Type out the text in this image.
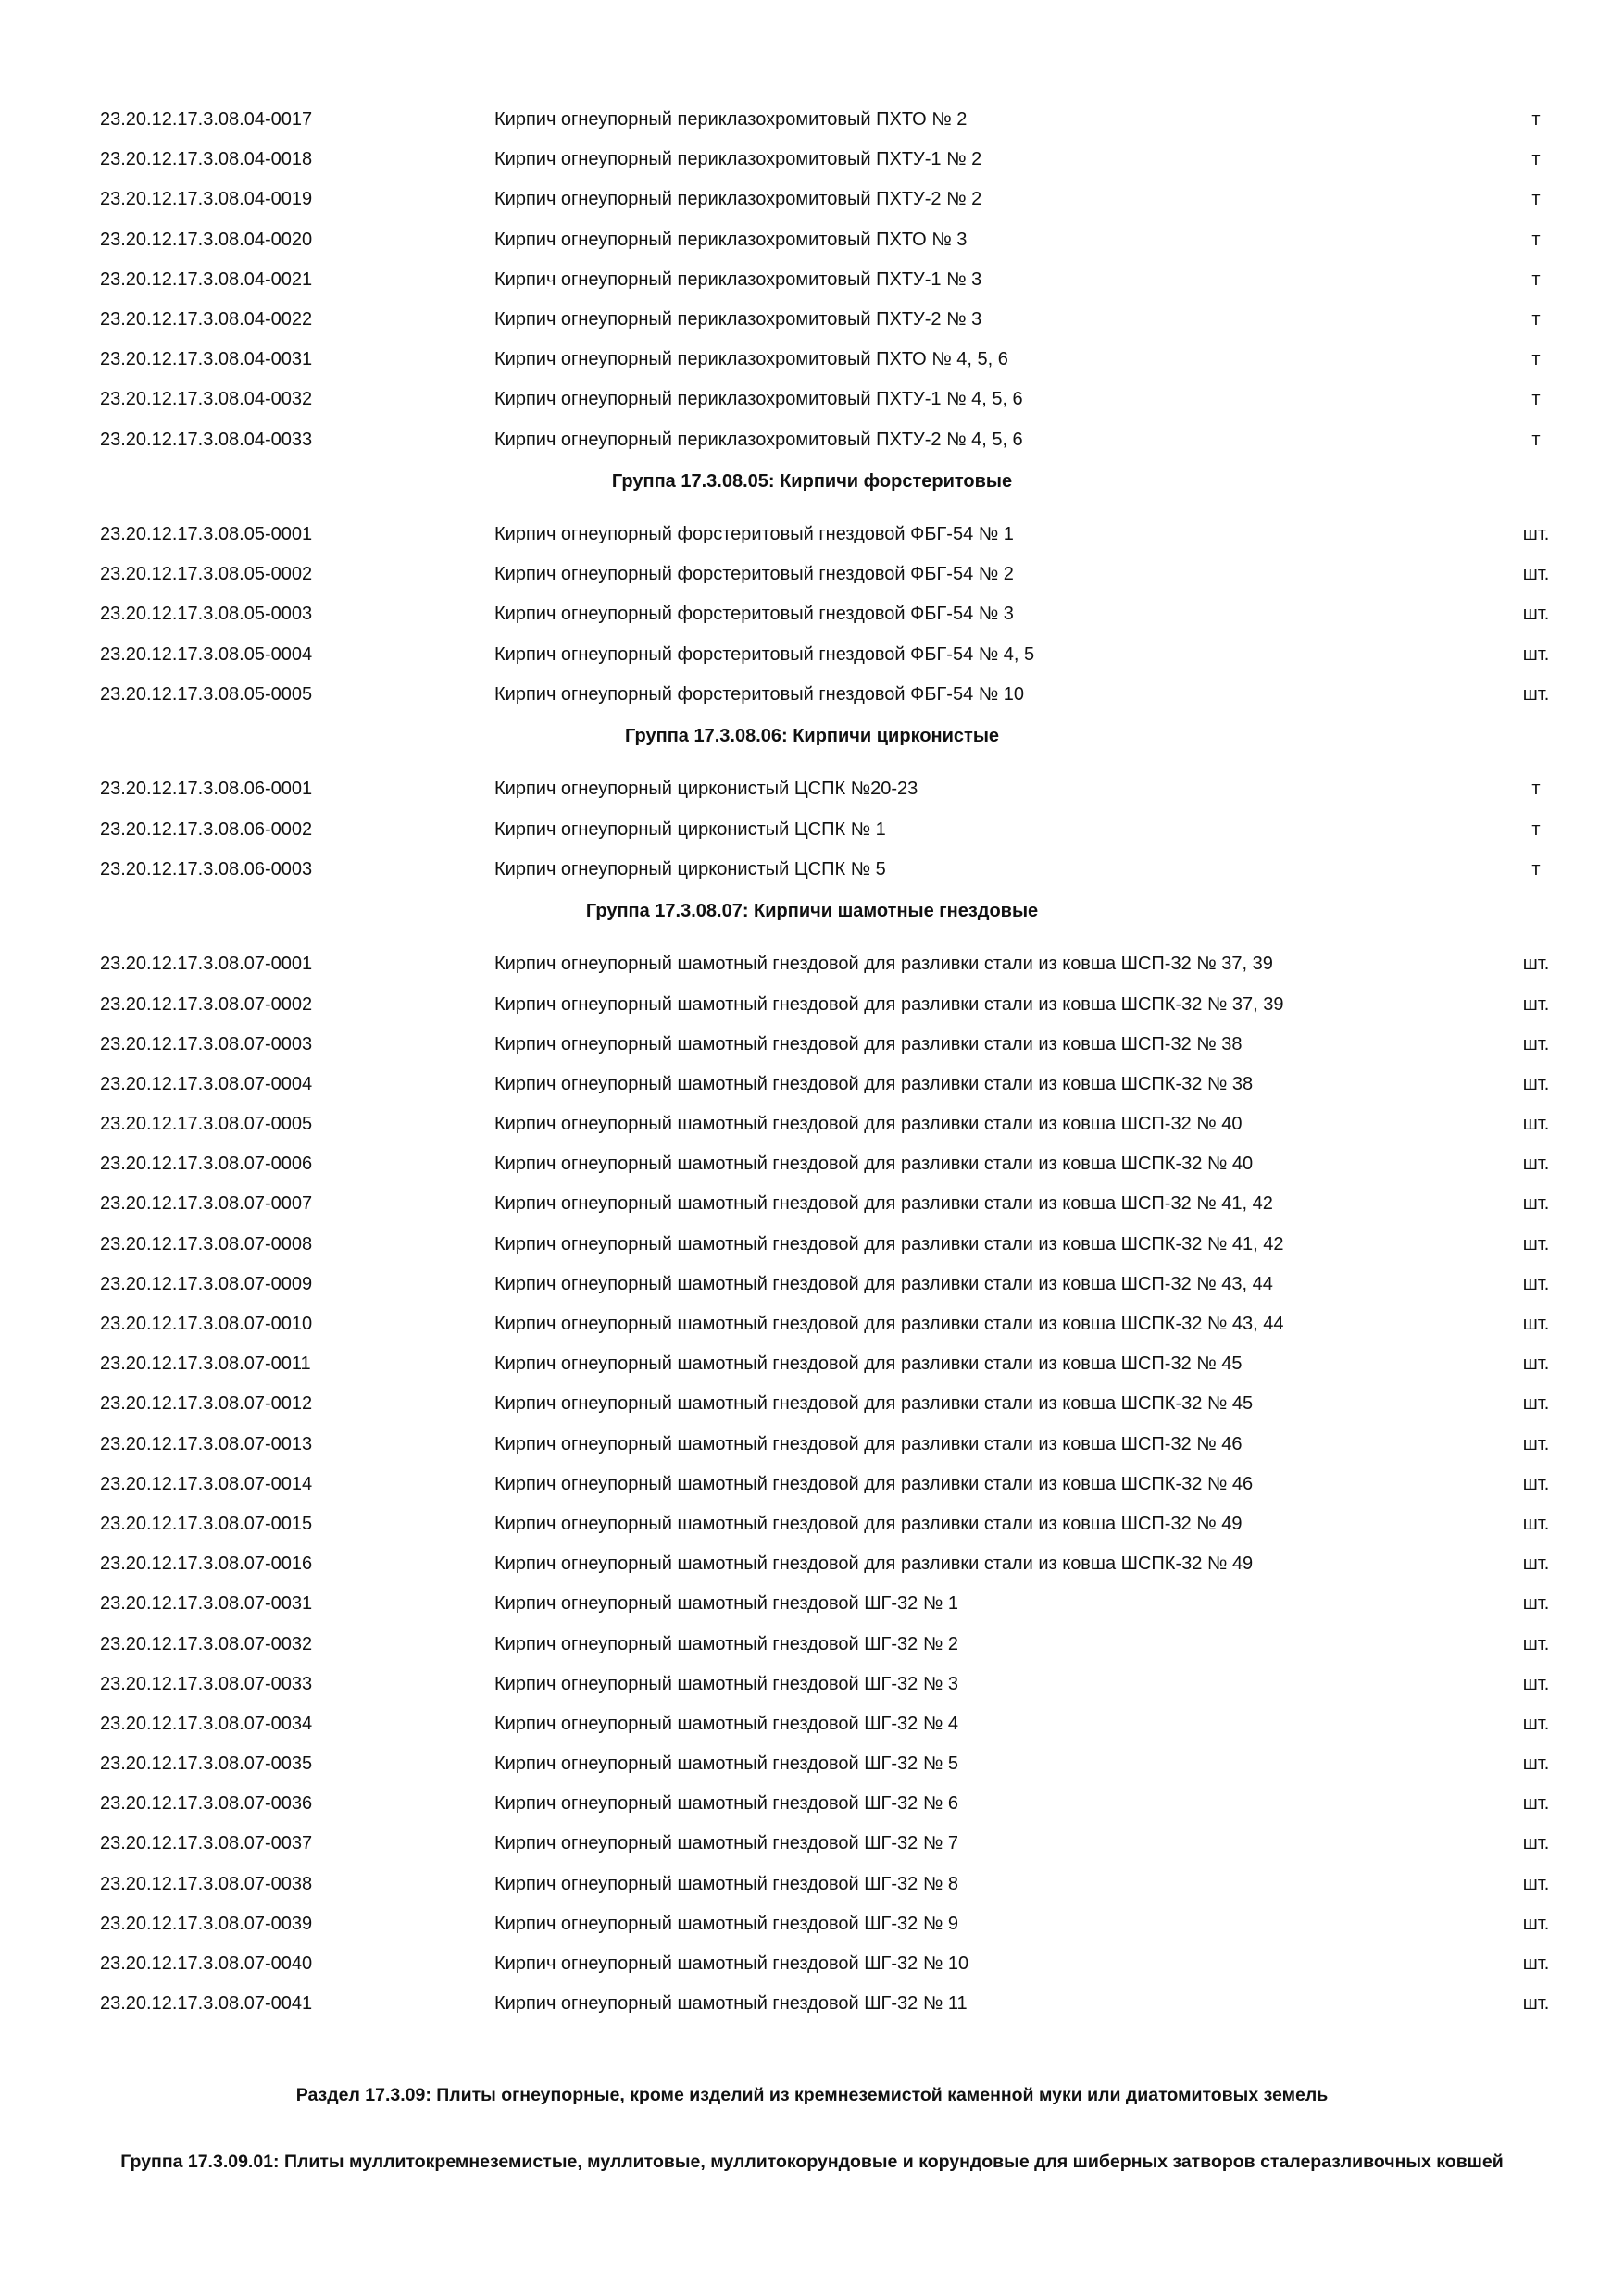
23.20.12.17.3.08.04-0017	Кирпич огнеупорный периклазохромитовый ПХТО № 2	т
23.20.12.17.3.08.04-0018	Кирпич огнеупорный периклазохромитовый ПХТУ-1 № 2	т
23.20.12.17.3.08.04-0019	Кирпич огнеупорный периклазохромитовый ПХТУ-2 № 2	т
23.20.12.17.3.08.04-0020	Кирпич огнеупорный периклазохромитовый ПХТО № 3	т
23.20.12.17.3.08.04-0021	Кирпич огнеупорный периклазохромитовый ПХТУ-1 № 3	т
23.20.12.17.3.08.04-0022	Кирпич огнеупорный периклазохромитовый ПХТУ-2 № 3	т
23.20.12.17.3.08.04-0031	Кирпич огнеупорный периклазохромитовый ПХТО № 4, 5, 6	т
23.20.12.17.3.08.04-0032	Кирпич огнеупорный периклазохромитовый ПХТУ-1 № 4, 5, 6	т
23.20.12.17.3.08.04-0033	Кирпич огнеупорный периклазохромитовый ПХТУ-2 № 4, 5, 6	т
Группа 17.3.08.05: Кирпичи форстеритовые
23.20.12.17.3.08.05-0001	Кирпич огнеупорный форстеритовый гнездовой ФБГ-54 № 1	шт.
23.20.12.17.3.08.05-0002	Кирпич огнеупорный форстеритовый гнездовой ФБГ-54 № 2	шт.
23.20.12.17.3.08.05-0003	Кирпич огнеупорный форстеритовый гнездовой ФБГ-54 № 3	шт.
23.20.12.17.3.08.05-0004	Кирпич огнеупорный форстеритовый гнездовой ФБГ-54 № 4, 5	шт.
23.20.12.17.3.08.05-0005	Кирпич огнеупорный форстеритовый гнездовой ФБГ-54 № 10	шт.
Группа 17.3.08.06: Кирпичи цирконистые
23.20.12.17.3.08.06-0001	Кирпич огнеупорный цирконистый ЦСПК №20-23	т
23.20.12.17.3.08.06-0002	Кирпич огнеупорный цирконистый ЦСПК № 1	т
23.20.12.17.3.08.06-0003	Кирпич огнеупорный цирконистый ЦСПК № 5	т
Группа 17.3.08.07: Кирпичи шамотные гнездовые
23.20.12.17.3.08.07-0001	Кирпич огнеупорный шамотный гнездовой для разливки стали из ковша ШСП-32 № 37, 39	шт.
23.20.12.17.3.08.07-0002	Кирпич огнеупорный шамотный гнездовой для разливки стали из ковша ШСПК-32 № 37, 39	шт.
23.20.12.17.3.08.07-0003	Кирпич огнеупорный шамотный гнездовой для разливки стали из ковша ШСП-32 № 38	шт.
23.20.12.17.3.08.07-0004	Кирпич огнеупорный шамотный гнездовой для разливки стали из ковша ШСПК-32 № 38	шт.
23.20.12.17.3.08.07-0005	Кирпич огнеупорный шамотный гнездовой для разливки стали из ковша ШСП-32 № 40	шт.
23.20.12.17.3.08.07-0006	Кирпич огнеупорный шамотный гнездовой для разливки стали из ковша ШСПК-32 № 40	шт.
23.20.12.17.3.08.07-0007	Кирпич огнеупорный шамотный гнездовой для разливки стали из ковша ШСП-32 № 41, 42	шт.
23.20.12.17.3.08.07-0008	Кирпич огнеупорный шамотный гнездовой для разливки стали из ковша ШСПК-32 № 41, 42	шт.
23.20.12.17.3.08.07-0009	Кирпич огнеупорный шамотный гнездовой для разливки стали из ковша ШСП-32 № 43, 44	шт.
23.20.12.17.3.08.07-0010	Кирпич огнеупорный шамотный гнездовой для разливки стали из ковша ШСПК-32 № 43, 44	шт.
23.20.12.17.3.08.07-0011	Кирпич огнеупорный шамотный гнездовой для разливки стали из ковша ШСП-32 № 45	шт.
23.20.12.17.3.08.07-0012	Кирпич огнеупорный шамотный гнездовой для разливки стали из ковша ШСПК-32 № 45	шт.
23.20.12.17.3.08.07-0013	Кирпич огнеупорный шамотный гнездовой для разливки стали из ковша ШСП-32 № 46	шт.
23.20.12.17.3.08.07-0014	Кирпич огнеупорный шамотный гнездовой для разливки стали из ковша ШСПК-32 № 46	шт.
23.20.12.17.3.08.07-0015	Кирпич огнеупорный шамотный гнездовой для разливки стали из ковша ШСП-32 № 49	шт.
23.20.12.17.3.08.07-0016	Кирпич огнеупорный шамотный гнездовой для разливки стали из ковша ШСПК-32 № 49	шт.
23.20.12.17.3.08.07-0031	Кирпич огнеупорный шамотный гнездовой ШГ-32 № 1	шт.
23.20.12.17.3.08.07-0032	Кирпич огнеупорный шамотный гнездовой ШГ-32 № 2	шт.
23.20.12.17.3.08.07-0033	Кирпич огнеупорный шамотный гнездовой ШГ-32 № 3	шт.
23.20.12.17.3.08.07-0034	Кирпич огнеупорный шамотный гнездовой ШГ-32 № 4	шт.
23.20.12.17.3.08.07-0035	Кирпич огнеупорный шамотный гнездовой ШГ-32 № 5	шт.
23.20.12.17.3.08.07-0036	Кирпич огнеупорный шамотный гнездовой ШГ-32 № 6	шт.
23.20.12.17.3.08.07-0037	Кирпич огнеупорный шамотный гнездовой ШГ-32 № 7	шт.
23.20.12.17.3.08.07-0038	Кирпич огнеупорный шамотный гнездовой ШГ-32 № 8	шт.
23.20.12.17.3.08.07-0039	Кирпич огнеупорный шамотный гнездовой ШГ-32 № 9	шт.
23.20.12.17.3.08.07-0040	Кирпич огнеупорный шамотный гнездовой ШГ-32 № 10	шт.
23.20.12.17.3.08.07-0041	Кирпич огнеупорный шамотный гнездовой ШГ-32 № 11	шт.
Раздел 17.3.09: Плиты огнеупорные, кроме изделий из кремнеземистой каменной муки или диатомитовых земель
Группа 17.3.09.01: Плиты муллитокремнеземистые, муллитовые, муллитокорундовые и корундовые для шиберных затворов сталеразливочных ковшей
